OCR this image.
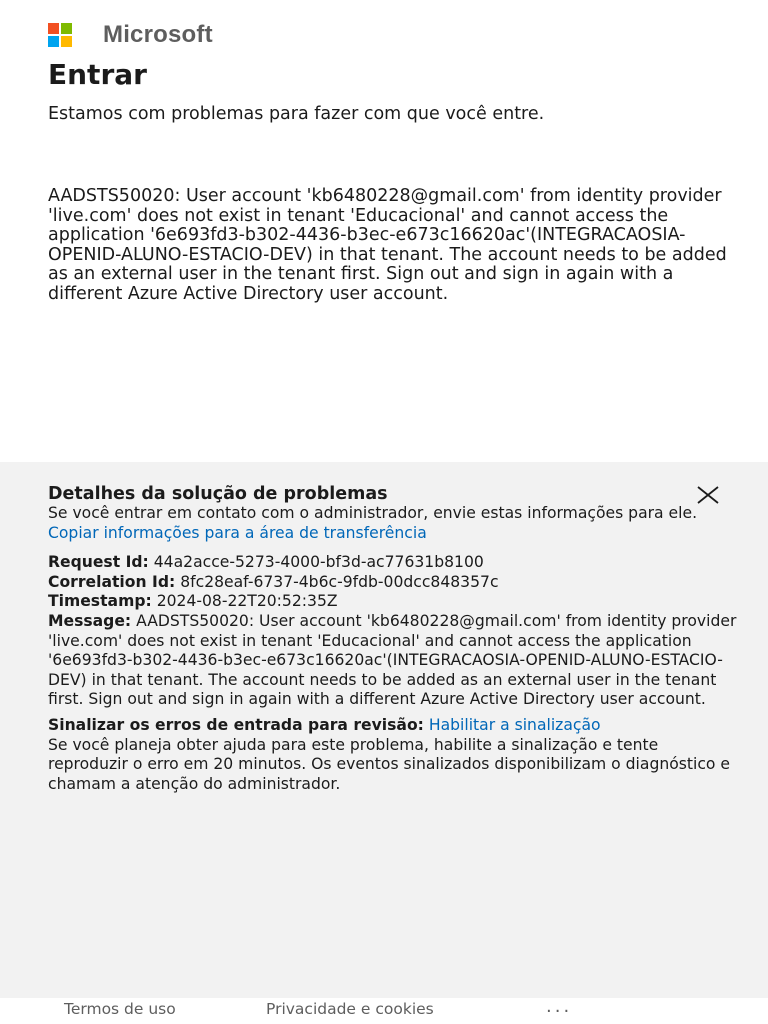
Microsoft
Entrar

Estamos com problemas para fazer com que você entre.

AADSTS50020: User account 'kb6480228@gmail.com' from identity provider 'live.com' does not exist in tenant 'Educacional' and cannot access the application '6e693fd3-b302-4436-b3ec-e673c16620ac'(INTEGRACAOSIA-OPENID-ALUNO-ESTACIO-DEV) in that tenant. The account needs to be added as an external user in the tenant first. Sign out and sign in again with a different Azure Active Directory user account.

Detalhes da solução de problemas
Se você entrar em contato com o administrador, envie estas informações para ele.
Copiar informações para a área de transferência
Request Id: 44a2acce-5273-4000-bf3d-ac77631b8100
Correlation Id: 8fc28eaf-6737-4b6c-9fdb-00dcc848357c
Timestamp: 2024-08-22T20:52:35Z
Message: AADSTS50020: User account 'kb6480228@gmail.com' from identity provider 'live.com' does not exist in tenant 'Educacional' and cannot access the application '6e693fd3-b302-4436-b3ec-e673c16620ac'(INTEGRACAOSIA-OPENID-ALUNO-ESTACIO-DEV) in that tenant. The account needs to be added as an external user in the tenant first. Sign out and sign in again with a different Azure Active Directory user account.
Sinalizar os erros de entrada para revisão: Habilitar a sinalização
Se você planeja obter ajuda para este problema, habilite a sinalização e tente reproduzir o erro em 20 minutos. Os eventos sinalizados disponibilizam o diagnóstico e chamam a atenção do administrador.
Termos de uso	Privacidade e cookies	...
